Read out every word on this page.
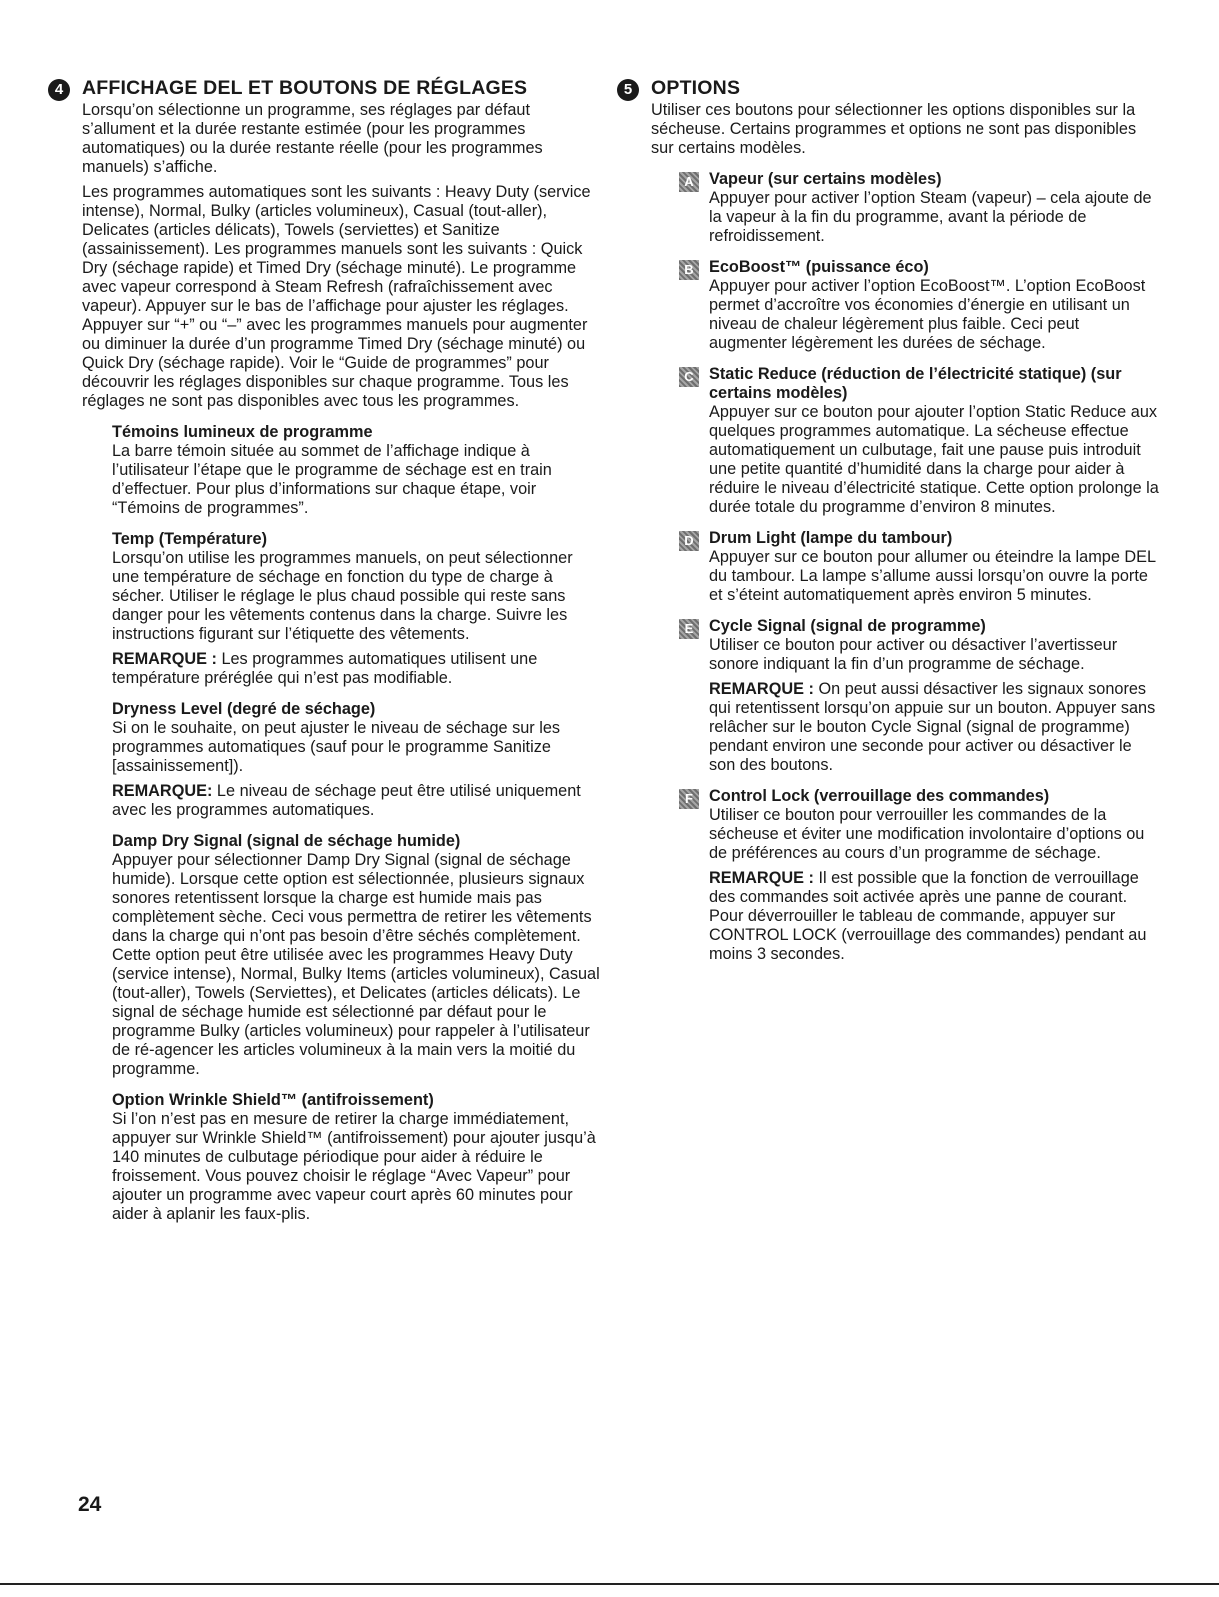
4 AFFICHAGE DEL ET BOUTONS DE RÉGLAGES
Lorsqu’on sélectionne un programme, ses réglages par défaut s’allument et la durée restante estimée (pour les programmes automatiques) ou la durée restante réelle (pour les programmes manuels) s’affiche.
Les programmes automatiques sont les suivants : Heavy Duty (service intense), Normal, Bulky (articles volumineux), Casual (tout-aller), Delicates (articles délicats), Towels (serviettes) et Sanitize (assainissement). Les programmes manuels sont les suivants : Quick Dry (séchage rapide) et Timed Dry (séchage minuté). Le programme avec vapeur correspond à Steam Refresh (rafraîchissement avec vapeur). Appuyer sur le bas de l’affichage pour ajuster les réglages. Appuyer sur “+” ou “–” avec les programmes manuels pour augmenter ou diminuer la durée d’un programme Timed Dry (séchage minuté) ou Quick Dry (séchage rapide). Voir le “Guide de programmes” pour découvrir les réglages disponibles sur chaque programme. Tous les réglages ne sont pas disponibles avec tous les programmes.
Témoins lumineux de programme
La barre témoin située au sommet de l’affichage indique à l’utilisateur l’étape que le programme de séchage est en train d’effectuer. Pour plus d’informations sur chaque étape, voir “Témoins de programmes”.
Temp (Température)
Lorsqu’on utilise les programmes manuels, on peut sélectionner une température de séchage en fonction du type de charge à sécher. Utiliser le réglage le plus chaud possible qui reste sans danger pour les vêtements contenus dans la charge. Suivre les instructions figurant sur l’étiquette des vêtements.
REMARQUE : Les programmes automatiques utilisent une température préréglée qui n’est pas modifiable.
Dryness Level (degré de séchage)
Si on le souhaite, on peut ajuster le niveau de séchage sur les programmes automatiques (sauf pour le programme Sanitize [assainissement]).
REMARQUE: Le niveau de séchage peut être utilisé uniquement avec les programmes automatiques.
Damp Dry Signal (signal de séchage humide)
Appuyer pour sélectionner Damp Dry Signal (signal de séchage humide). Lorsque cette option est sélectionnée, plusieurs signaux sonores retentissent lorsque la charge est humide mais pas complètement sèche. Ceci vous permettra de retirer les vêtements dans la charge qui n’ont pas besoin d’être séchés complètement. Cette option peut être utilisée avec les programmes Heavy Duty (service intense), Normal, Bulky Items (articles volumineux), Casual (tout-aller), Towels (Serviettes), et Delicates (articles délicats). Le signal de séchage humide est sélectionné par défaut pour le programme Bulky (articles volumineux) pour rappeler à l’utilisateur de ré-agencer les articles volumineux à la main vers la moitié du programme.
Option Wrinkle Shield™ (antifroissement)
Si l’on n’est pas en mesure de retirer la charge immédiatement, appuyer sur Wrinkle Shield™ (antifroissement) pour ajouter jusqu’à 140 minutes de culbutage périodique pour aider à réduire le froissement. Vous pouvez choisir le réglage “Avec Vapeur” pour ajouter un programme avec vapeur court après 60 minutes pour aider à aplanir les faux-plis.
5 OPTIONS
Utiliser ces boutons pour sélectionner les options disponibles sur la sécheuse. Certains programmes et options ne sont pas disponibles sur certains modèles.
A Vapeur (sur certains modèles)
Appuyer pour activer l’option Steam (vapeur) – cela ajoute de la vapeur à la fin du programme, avant la période de refroidissement.
B EcoBoost™ (puissance éco)
Appuyer pour activer l’option EcoBoost™. L’option EcoBoost permet d’accroître vos économies d’énergie en utilisant un niveau de chaleur légèrement plus faible. Ceci peut augmenter légèrement les durées de séchage.
C Static Reduce (réduction de l’électricité statique) (sur certains modèles)
Appuyer sur ce bouton pour ajouter l’option Static Reduce aux quelques programmes automatique. La sécheuse effectue automatiquement un culbutage, fait une pause puis introduit une petite quantité d’humidité dans la charge pour aider à réduire le niveau d’électricité statique. Cette option prolonge la durée totale du programme d’environ 8 minutes.
D Drum Light (lampe du tambour)
Appuyer sur ce bouton pour allumer ou éteindre la lampe DEL du tambour. La lampe s’allume aussi lorsqu’on ouvre la porte et s’éteint automatiquement après environ 5 minutes.
E Cycle Signal (signal de programme)
Utiliser ce bouton pour activer ou désactiver l’avertisseur sonore indiquant la fin d’un programme de séchage.
REMARQUE : On peut aussi désactiver les signaux sonores qui retentissent lorsqu’on appuie sur un bouton. Appuyer sans relâcher sur le bouton Cycle Signal (signal de programme) pendant environ une seconde pour activer ou désactiver le son des boutons.
F Control Lock (verrouillage des commandes)
Utiliser ce bouton pour verrouiller les commandes de la sécheuse et éviter une modification involontaire d’options ou de préférences au cours d’un programme de séchage.
REMARQUE : Il est possible que la fonction de verrouillage des commandes soit activée après une panne de courant. Pour déverrouiller le tableau de commande, appuyer sur CONTROL LOCK (verrouillage des commandes) pendant au moins 3 secondes.
24
